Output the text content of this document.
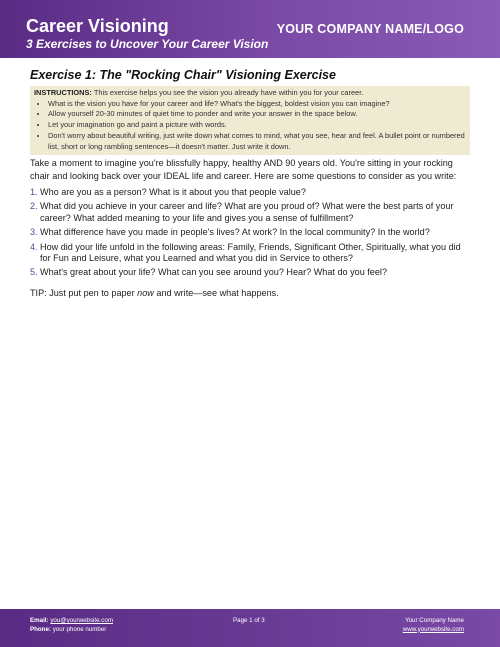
Career Visioning
3 Exercises to Uncover Your Career Vision
YOUR COMPANY NAME/LOGO
Exercise 1: The "Rocking Chair" Visioning Exercise
INSTRUCTIONS: This exercise helps you see the vision you already have within you for your career.
• What is the vision you have for your career and life? What's the biggest, boldest vision you can imagine?
• Allow yourself 20-30 minutes of quiet time to ponder and write your answer in the space below.
• Let your imagination go and paint a picture with words.
• Don't worry about beautiful writing, just write down what comes to mind, what you see, hear and feel. A bullet point or numbered list, short or long rambling sentences—it doesn't matter. Just write it down.
Take a moment to imagine you're blissfully happy, healthy AND 90 years old. You're sitting in your rocking chair and looking back over your IDEAL life and career. Here are some questions to consider as you write:
1. Who are you as a person? What is it about you that people value?
2. What did you achieve in your career and life? What are you proud of? What were the best parts of your career? What added meaning to your life and gives you a sense of fulfillment?
3. What difference have you made in people's lives? At work? In the local community? In the world?
4. How did your life unfold in the following areas: Family, Friends, Significant Other, Spiritually, what you did for Fun and Leisure, what you Learned and what you did in Service to others?
5. What's great about your life? What can you see around you? Hear? What do you feel?
TIP: Just put pen to paper now and write—see what happens.
Email: you@yourwebsite.com
Phone: your phone number
Page 1 of 3	Your Company Name
www.yourwebsite.com
